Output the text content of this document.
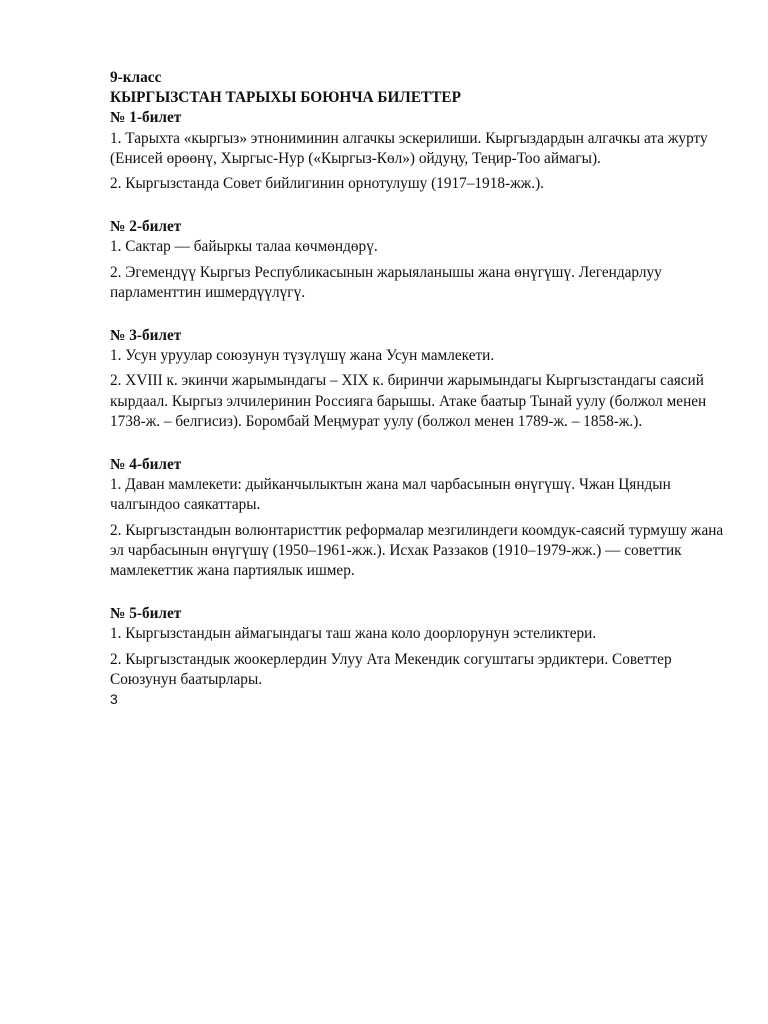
9-класс

КЫРГЫЗСТАН ТАРЫХЫ БОЮНЧА БИЛЕТТЕР

№ 1-билет

1. Тарыхта «кыргыз» этнониминин алгачкы эскерилиши. Кыргыздардын алгачкы ата журту (Енисей өрөөнү, Хыргыс-Нур («Кыргыз-Көл») ойдуңу, Теңир-Тоо аймагы).

2. Кыргызстанда Совет бийлигинин орнотулушу (1917–1918-жж.).

№ 2-билет

1. Сактар — байыркы талаа көчмөндөрү.

2. Эгемендүү Кыргыз Республикасынын жарыяланышы жана өнүгүшү. Легендарлуу парламенттин ишмердүүлүгү.

№ 3-билет

1. Усун уруулар союзунун түзүлүшү жана Усун мамлекети.

2. XVIII к. экинчи жарымындагы – XIX к. биринчи жарымындагы Кыргызстандагы саясий кырдаал. Кыргыз элчилеринин Россияга барышы. Атаке баатыр Тынай уулу (болжол менен 1738-ж. – белгисиз). Боромбай Меңмурат уулу (болжол менен 1789-ж. – 1858-ж.).

№ 4-билет

1. Даван мамлекети: дыйканчылыктын жана мал чарбасынын өнүгүшү. Чжан Цяндын чалгындоо саякаттары.

2. Кыргызстандын волюнтаристтик реформалар мезгилиндеги коомдук-саясий турмушу жана эл чарбасынын өнүгүшү (1950–1961-жж.). Исхак Раззаков (1910–1979-жж.) — советтик мамлекеттик жана партиялык ишмер.

№ 5-билет

1. Кыргызстандын аймагындагы таш жана коло доорлорунун эстеликтери.

2. Кыргызстандык жоокерлердин Улуу Ата Мекендик согуштагы эрдиктери. Советтер Союзунун баатырлары.

3
